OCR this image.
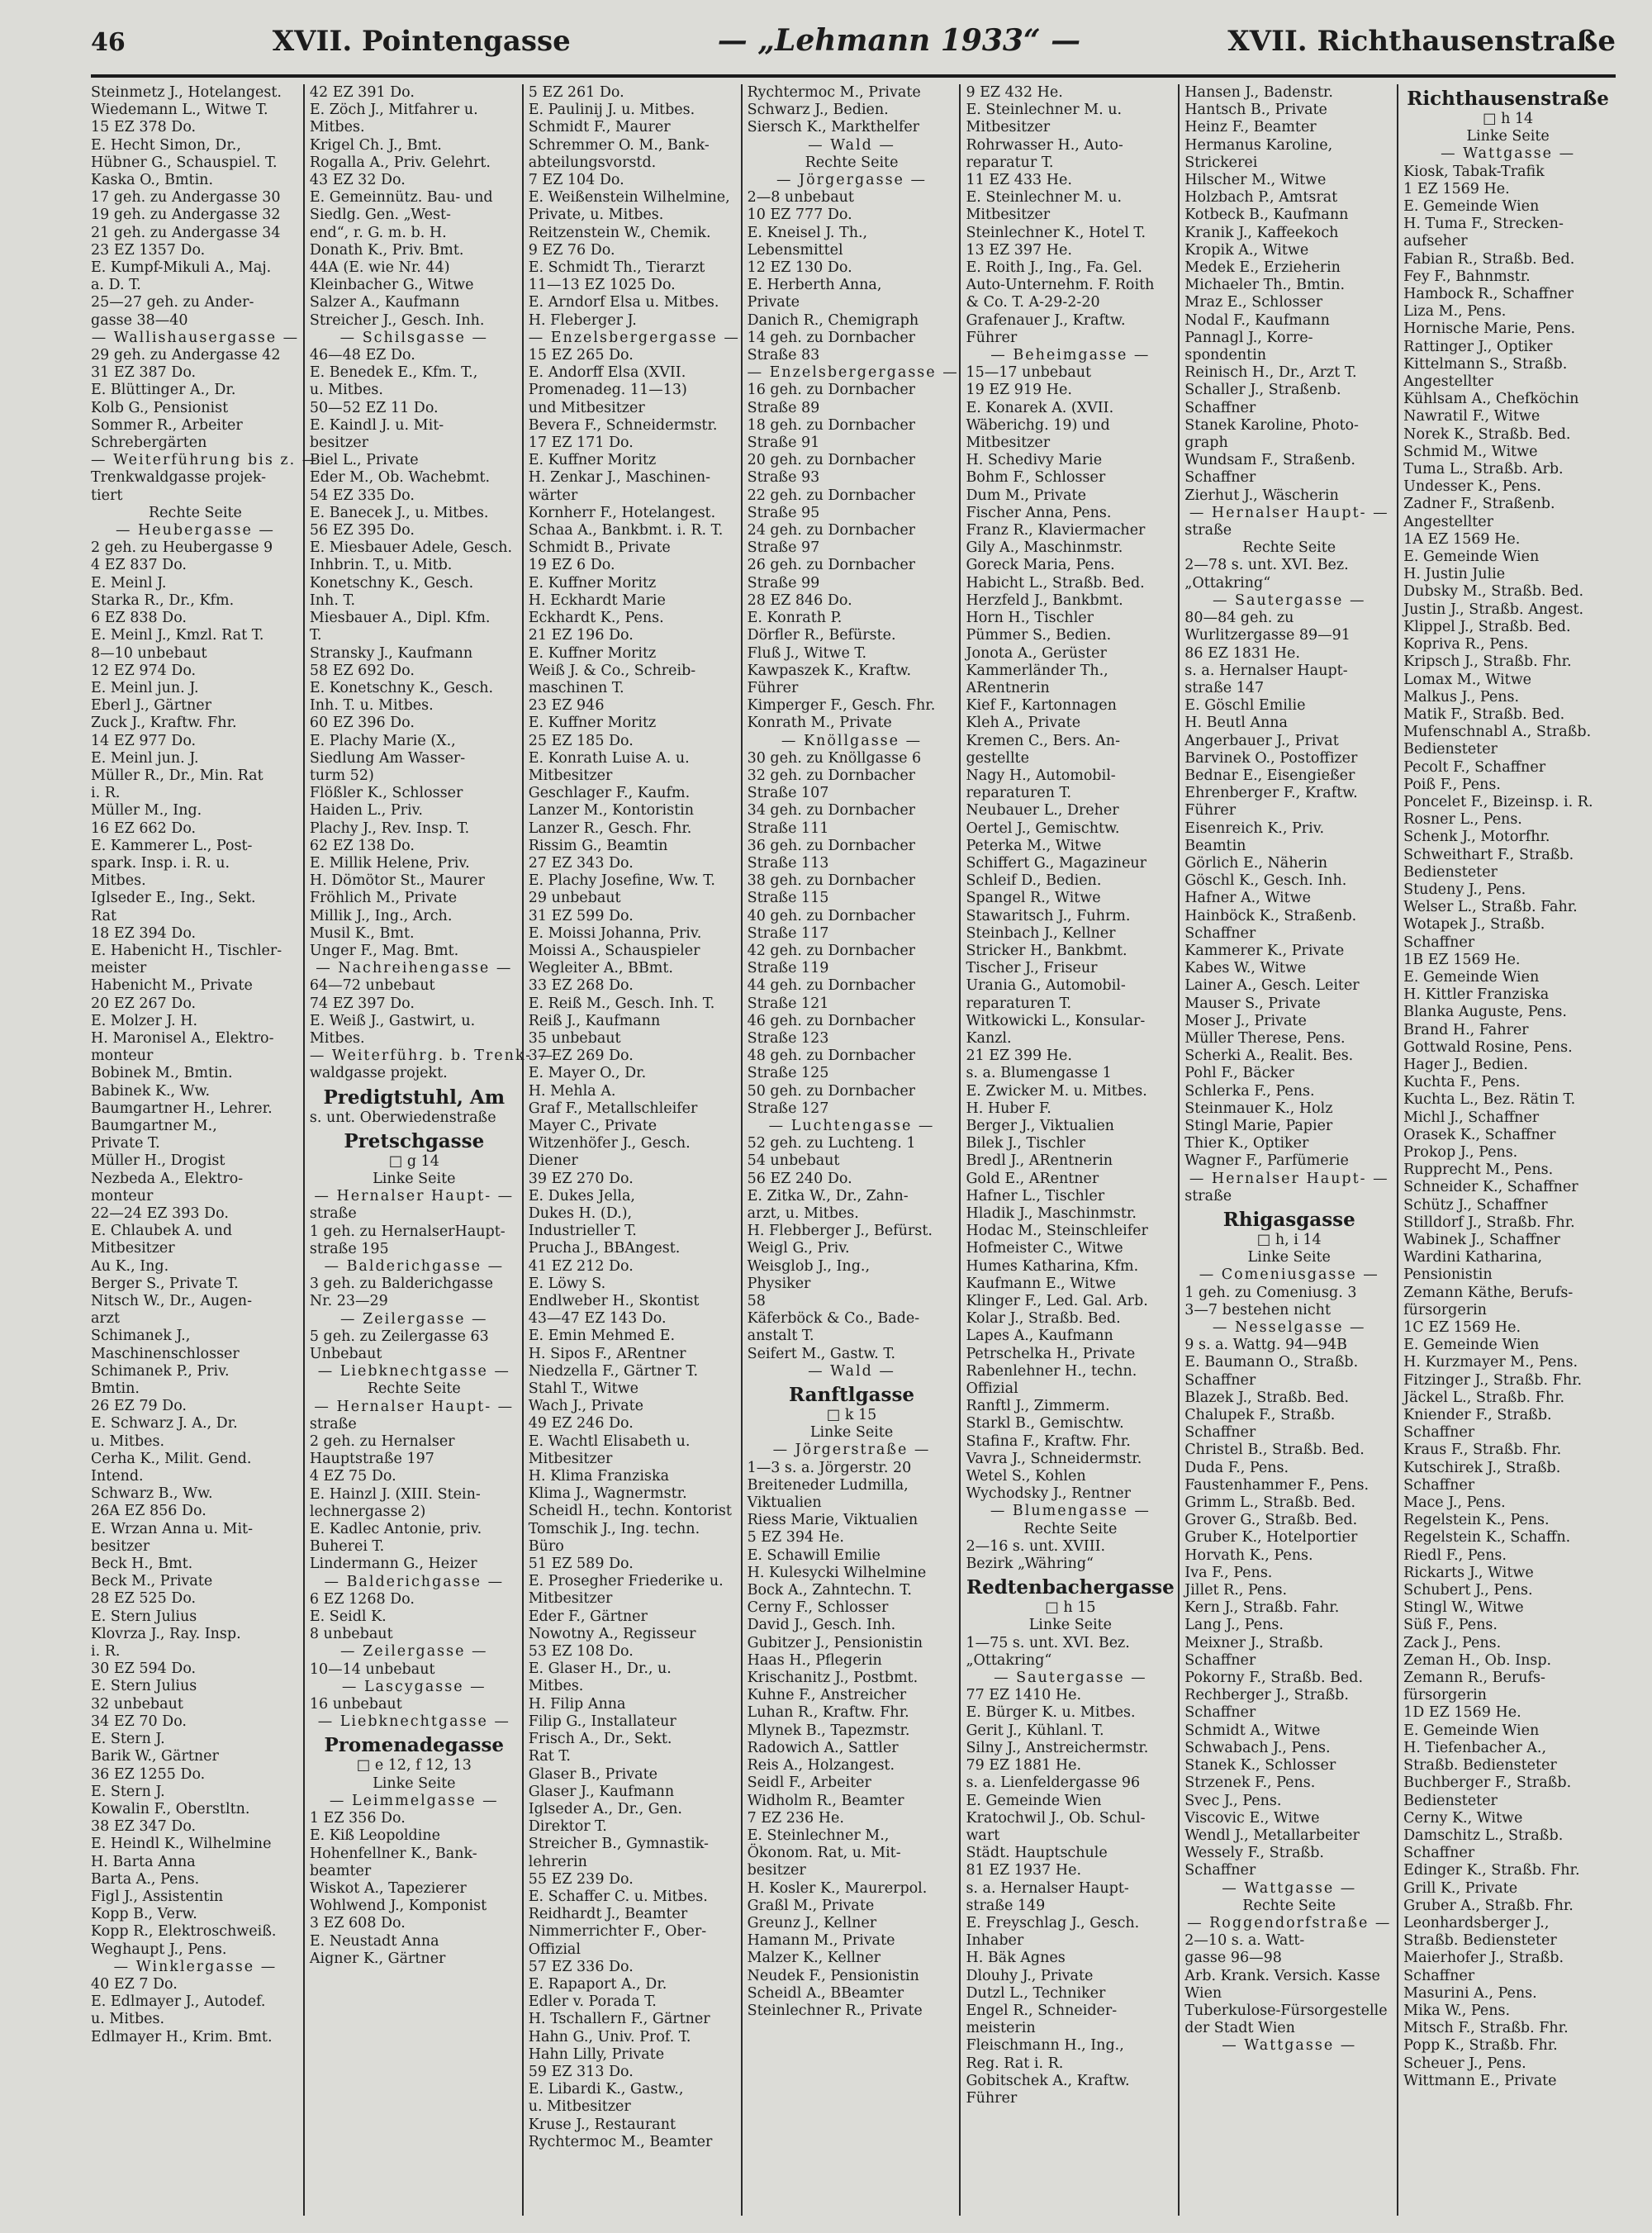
46	XVII. Pointengasse	— „Lehmann 1933“ —	XVII. Richthausenstraße
Steinmetz J., Hotelangest.
Wiedemann L., Witwe T.
15 EZ 378 Do.
E. Hecht Simon, Dr.,
Hübner G., Schauspiel. T.
Kaska O., Bmtin.
17 geh. zu Andergasse 30
19 geh. zu Andergasse 32
21 geh. zu Andergasse 34
23 EZ 1357 Do.
E. Kumpf-Mikuli A., Maj.
a. D. T.
25—27 geh. zu Ander-
gasse 38—40
— Wallishausergasse —
29 geh. zu Andergasse 42
31 EZ 387 Do.
E. Blüttinger A., Dr.
Kolb G., Pensionist
Sommer R., Arbeiter
Schrebergärten
— Weiterführung bis z. —
Trenkwaldgasse projek-
tiert
Rechte Seite
— Heubergasse —
2 geh. zu Heubergasse 9
4 EZ 837 Do.
E. Meinl J.
Starka R., Dr., Kfm.
6 EZ 838 Do.
E. Meinl J., Kmzl. Rat T.
8—10 unbebaut
12 EZ 974 Do.
E. Meinl jun. J.
Eberl J., Gärtner
Zuck J., Kraftw. Fhr.
14 EZ 977 Do.
E. Meinl jun. J.
Müller R., Dr., Min. Rat
i. R.
Müller M., Ing.
16 EZ 662 Do.
E. Kammerer L., Post-
spark. Insp. i. R. u.
Mitbes.
Iglseder E., Ing., Sekt.
Rat
18 EZ 394 Do.
E. Habenicht H., Tischler-
meister
Habenicht M., Private
20 EZ 267 Do.
E. Molzer J. H.
H. Maronisel A., Elektro-
monteur
Bobinek M., Bmtin.
Babinek K., Ww.
Baumgartner H., Lehrer.
Baumgartner M.,
Private T.
Müller H., Drogist
Nezbeda A., Elektro-
monteur
22—24 EZ 393 Do.
E. Chlaubek A. und
Mitbesitzer
Au K., Ing.
Berger S., Private T.
Nitsch W., Dr., Augen-
arzt
Schimanek J.,
Maschinenschlosser
Schimanek P., Priv.
Bmtin.
26 EZ 79 Do.
E. Schwarz J. A., Dr.
u. Mitbes.
Cerha K., Milit. Gend.
Intend.
Schwarz B., Ww.
26A EZ 856 Do.
E. Wrzan Anna u. Mit-
besitzer
Beck H., Bmt.
Beck M., Private
28 EZ 525 Do.
E. Stern Julius
Klovrza J., Ray. Insp.
i. R.
30 EZ 594 Do.
E. Stern Julius
32 unbebaut
34 EZ 70 Do.
E. Stern J.
Barik W., Gärtner
36 EZ 1255 Do.
E. Stern J.
Kowalin F., Oberstltn.
38 EZ 347 Do.
E. Heindl K., Wilhelmine
H. Barta Anna
Barta A., Pens.
Figl J., Assistentin
Kopp B., Verw.
Kopp R., Elektroschweiß.
Weghaupt J., Pens.
— Winklergasse —
40 EZ 7 Do.
E. Edlmayer J., Autodef.
u. Mitbes.
Edlmayer H., Krim. Bmt.
42 EZ 391 Do.
E. Zöch J., Mitfahrer u.
Mitbes.
Krigel Ch. J., Bmt.
Rogalla A., Priv. Gelehrt.
43 EZ 32 Do.
E. Gemeinnütz. Bau- und
Siedlg. Gen. „West-
end“, r. G. m. b. H.
Donath K., Priv. Bmt.
44A (E. wie Nr. 44)
Kleinbacher G., Witwe
Salzer A., Kaufmann
Streicher J., Gesch. Inh.
— Schilsgasse —
46—48 EZ Do.
E. Benedek E., Kfm. T.,
u. Mitbes.
50—52 EZ 11 Do.
E. Kaindl J. u. Mit-
besitzer
Biel L., Private
Eder M., Ob. Wachebmt.
54 EZ 335 Do.
E. Banecek J., u. Mitbes.
56 EZ 395 Do.
E. Miesbauer Adele, Gesch.
Inhbrin. T., u. Mitb.
Konetschny K., Gesch.
Inh. T.
Miesbauer A., Dipl. Kfm.
T.
Stransky J., Kaufmann
58 EZ 692 Do.
E. Konetschny K., Gesch.
Inh. T. u. Mitbes.
60 EZ 396 Do.
E. Plachy Marie (X.,
Siedlung Am Wasser-
turm 52)
Flößler K., Schlosser
Haiden L., Priv.
Plachy J., Rev. Insp. T.
62 EZ 138 Do.
E. Millik Helene, Priv.
H. Dömötor St., Maurer
Fröhlich M., Private
Millik J., Ing., Arch.
Musil K., Bmt.
Unger F., Mag. Bmt.
— Nachreihengasse —
64—72 unbebaut
74 EZ 397 Do.
E. Weiß J., Gastwirt, u.
Mitbes.
— Weiterführg. b. Trenk- —
waldgasse projekt.
Predigtstuhl, Am
s. unt. Oberwiedenstraße
Pretschgasse
□ g 14
Linke Seite
— Hernalser Haupt- —
straße
1 geh. zu HernalserHaupt-
straße 195
— Balderichgasse —
3 geh. zu Balderichgasse
Nr. 23—29
— Zeilergasse —
5 geh. zu Zeilergasse 63
Unbebaut
— Liebknechtgasse —
Rechte Seite
— Hernalser Haupt- —
straße
2 geh. zu Hernalser
Hauptstraße 197
4 EZ 75 Do.
E. Hainzl J. (XIII. Stein-
lechnergasse 2)
E. Kadlec Antonie, priv.
Buherei T.
Lindermann G., Heizer
— Balderichgasse —
6 EZ 1268 Do.
E. Seidl K.
8 unbebaut
— Zeilergasse —
10—14 unbebaut
— Lascygasse —
16 unbebaut
— Liebknechtgasse —
Promenadegasse
□ e 12, f 12, 13
Linke Seite
— Leimmelgasse —
1 EZ 356 Do.
E. Kiß Leopoldine
Hohenfellner K., Bank-
beamter
Wiskot A., Tapezierer
Wohlwend J., Komponist
3 EZ 608 Do.
E. Neustadt Anna
Aigner K., Gärtner
5 EZ 261 Do.
E. Paulinij J. u. Mitbes.
Schmidt F., Maurer
Schremmer O. M., Bank-
abteilungsvorstd.
7 EZ 104 Do.
E. Weißenstein Wilhelmine,
Private, u. Mitbes.
Reitzenstein W., Chemik.
9 EZ 76 Do.
E. Schmidt Th., Tierarzt
11—13 EZ 1025 Do.
E. Arndorf Elsa u. Mitbes.
H. Fleberger J.
— Enzelsbergergasse —
15 EZ 265 Do.
E. Andorff Elsa (XVII.
Promenadeg. 11—13)
und Mitbesitzer
Bevera F., Schneidermstr.
17 EZ 171 Do.
E. Kuffner Moritz
H. Zenkar J., Maschinen-
wärter
Kornherr F., Hotelangest.
Schaa A., Bankbmt. i. R. T.
Schmidt B., Private
19 EZ 6 Do.
E. Kuffner Moritz
H. Eckhardt Marie
Eckhardt K., Pens.
21 EZ 196 Do.
E. Kuffner Moritz
Weiß J. & Co., Schreib-
maschinen T.
23 EZ 946
E. Kuffner Moritz
25 EZ 185 Do.
E. Konrath Luise A. u.
Mitbesitzer
Geschlager F., Kaufm.
Lanzer M., Kontoristin
Lanzer R., Gesch. Fhr.
Rissim G., Beamtin
27 EZ 343 Do.
E. Plachy Josefine, Ww. T.
29 unbebaut
31 EZ 599 Do.
E. Moissi Johanna, Priv.
Moissi A., Schauspieler
Wegleiter A., BBmt.
33 EZ 268 Do.
E. Reiß M., Gesch. Inh. T.
Reiß J., Kaufmann
35 unbebaut
37 EZ 269 Do.
E. Mayer O., Dr.
H. Mehla A.
Graf F., Metallschleifer
Mayer C., Private
Witzenhöfer J., Gesch.
Diener
39 EZ 270 Do.
E. Dukes Jella,
Dukes H. (D.),
Industrieller T.
Prucha J., BBAngest.
41 EZ 212 Do.
E. Löwy S.
Endlweber H., Skontist
43—47 EZ 143 Do.
E. Emin Mehmed E.
H. Sipos F., ARentner
Niedzella F., Gärtner T.
Stahl T., Witwe
Wach J., Private
49 EZ 246 Do.
E. Wachtl Elisabeth u.
Mitbesitzer
H. Klima Franziska
Klima J., Wagnermstr.
Scheidl H., techn. Kontorist
Tomschik J., Ing. techn.
Büro
51 EZ 589 Do.
E. Prosegher Friederike u.
Mitbesitzer
Eder F., Gärtner
Nowotny A., Regisseur
53 EZ 108 Do.
E. Glaser H., Dr., u.
Mitbes.
H. Filip Anna
Filip G., Installateur
Frisch A., Dr., Sekt.
Rat T.
Glaser B., Private
Glaser J., Kaufmann
Iglseder A., Dr., Gen.
Direktor T.
Streicher B., Gymnastik-
lehrerin
55 EZ 239 Do.
E. Schaffer C. u. Mitbes.
Reidhardt J., Beamter
Nimmerrichter F., Ober-
Offizial
57 EZ 336 Do.
E. Rapaport A., Dr.
Edler v. Porada T.
H. Tschallern F., Gärtner
Hahn G., Univ. Prof. T.
Hahn Lilly, Private
59 EZ 313 Do.
E. Libardi K., Gastw.,
u. Mitbesitzer
Kruse J., Restaurant
Rychtermoc M., Beamter
Rychtermoc M., Private
Schwarz J., Bedien.
Siersch K., Markthelfer
— Wald —
Rechte Seite
— Jörgergasse —
2—8 unbebaut
10 EZ 777 Do.
E. Kneisel J. Th.,
Lebensmittel
12 EZ 130 Do.
E. Herberth Anna,
Private
Danich R., Chemigraph
14 geh. zu Dornbacher
Straße 83
— Enzelsbergergasse —
16 geh. zu Dornbacher
Straße 89
18 geh. zu Dornbacher
Straße 91
20 geh. zu Dornbacher
Straße 93
22 geh. zu Dornbacher
Straße 95
24 geh. zu Dornbacher
Straße 97
26 geh. zu Dornbacher
Straße 99
28 EZ 846 Do.
E. Konrath P.
Dörfler R., Befürste.
Fluß J., Witwe T.
Kawpaszek K., Kraftw.
Führer
Kimperger F., Gesch. Fhr.
Konrath M., Private
— Knöllgasse —
30 geh. zu Knöllgasse 6
32 geh. zu Dornbacher
Straße 107
34 geh. zu Dornbacher
Straße 111
36 geh. zu Dornbacher
Straße 113
38 geh. zu Dornbacher
Straße 115
40 geh. zu Dornbacher
Straße 117
42 geh. zu Dornbacher
Straße 119
44 geh. zu Dornbacher
Straße 121
46 geh. zu Dornbacher
Straße 123
48 geh. zu Dornbacher
Straße 125
50 geh. zu Dornbacher
Straße 127
— Luchtengasse —
52 geh. zu Luchteng. 1
54 unbebaut
56 EZ 240 Do.
E. Zitka W., Dr., Zahn-
arzt, u. Mitbes.
H. Flebberger J., Befürst.
Weigl G., Priv.
Weisglob J., Ing.,
Physiker
58
Käferböck & Co., Bade-
anstalt T.
Seifert M., Gastw. T.
— Wald —
Ranftlgasse
□ k 15
Linke Seite
— Jörgerstraße —
1—3 s. a. Jörgerstr. 20
Breiteneder Ludmilla,
Viktualien
Riess Marie, Viktualien
5 EZ 394 He.
E. Schawill Emilie
H. Kulesycki Wilhelmine
Bock A., Zahntechn. T.
Cerny F., Schlosser
David J., Gesch. Inh.
Gubitzer J., Pensionistin
Haas H., Pflegerin
Krischanitz J., Postbmt.
Kuhne F., Anstreicher
Luhan R., Kraftw. Fhr.
Mlynek B., Tapezmstr.
Radowich A., Sattler
Reis A., Holzangest.
Seidl F., Arbeiter
Widholm R., Beamter
7 EZ 236 He.
E. Steinlechner M.,
Ökonom. Rat, u. Mit-
besitzer
H. Kosler K., Maurerpol.
Graßl M., Private
Greunz J., Kellner
Hamann M., Private
Malzer K., Kellner
Neudek F., Pensionistin
Scheidl A., BBeamter
Steinlechner R., Private
9 EZ 432 He.
E. Steinlechner M. u.
Mitbesitzer
Rohrwasser H., Auto-
reparatur T.
11 EZ 433 He.
E. Steinlechner M. u.
Mitbesitzer
Steinlechner K., Hotel T.
13 EZ 397 He.
E. Roith J., Ing., Fa. Gel.
Auto-Unternehm. F. Roith
& Co. T. A-29-2-20
Grafenauer J., Kraftw.
Führer
— Beheimgasse —
15—17 unbebaut
19 EZ 919 He.
E. Konarek A. (XVII.
Wäberichg. 19) und
Mitbesitzer
H. Schedivy Marie
Bohm F., Schlosser
Dum M., Private
Fischer Anna, Pens.
Franz R., Klaviermacher
Gily A., Maschinmstr.
Goreck Maria, Pens.
Habicht L., Straßb. Bed.
Herzfeld J., Bankbmt.
Horn H., Tischler
Pümmer S., Bedien.
Jonota A., Gerüster
Kammerländer Th.,
ARentnerin
Kief F., Kartonnagen
Kleh A., Private
Kremen C., Bers. An-
gestellte
Nagy H., Automobil-
reparaturen T.
Neubauer L., Dreher
Oertel J., Gemischtw.
Peterka M., Witwe
Schiffert G., Magazineur
Schleif D., Bedien.
Spangel R., Witwe
Stawaritsch J., Fuhrm.
Steinbach J., Kellner
Stricker H., Bankbmt.
Tischer J., Friseur
Urania G., Automobil-
reparaturen T.
Witkowicki L., Konsular-
Kanzl.
21 EZ 399 He.
s. a. Blumengasse 1
E. Zwicker M. u. Mitbes.
H. Huber F.
Berger J., Viktualien
Bilek J., Tischler
Bredl J., ARentnerin
Gold E., ARentner
Hafner L., Tischler
Hladik J., Maschinmstr.
Hodac M., Steinschleifer
Hofmeister C., Witwe
Humes Katharina, Kfm.
Kaufmann E., Witwe
Klinger F., Led. Gal. Arb.
Kolar J., Straßb. Bed.
Lapes A., Kaufmann
Petrschelka H., Private
Rabenlehner H., techn.
Offizial
Ranftl J., Zimmerm.
Starkl B., Gemischtw.
Stafina F., Kraftw. Fhr.
Vavra J., Schneidermstr.
Wetel S., Kohlen
Wychodsky J., Rentner
— Blumengasse —
Rechte Seite
2—16 s. unt. XVIII.
Bezirk „Währing“
Redtenbachergasse
□ h 15
Linke Seite
1—75 s. unt. XVI. Bez.
„Ottakring“
— Sautergasse —
77 EZ 1410 He.
E. Bürger K. u. Mitbes.
Gerit J., Kühlanl. T.
Silny J., Anstreichermstr.
79 EZ 1881 He.
s. a. Lienfeldergasse 96
E. Gemeinde Wien
Kratochwil J., Ob. Schul-
wart
Städt. Hauptschule
81 EZ 1937 He.
s. a. Hernalser Haupt-
straße 149
E. Freyschlag J., Gesch.
Inhaber
H. Bäk Agnes
Dlouhy J., Private
Dutzl L., Techniker
Engel R., Schneider-
meisterin
Fleischmann H., Ing.,
Reg. Rat i. R.
Gobitschek A., Kraftw.
Führer
Hansen J., Badenstr.
Hantsch B., Private
Heinz F., Beamter
Hermanus Karoline,
Strickerei
Hilscher M., Witwe
Holzbach P., Amtsrat
Kotbeck B., Kaufmann
Kranik J., Kaffeekoch
Kropik A., Witwe
Medek E., Erzieherin
Michaeler Th., Bmtin.
Mraz E., Schlosser
Nodal F., Kaufmann
Pannagl J., Korre-
spondentin
Reinisch H., Dr., Arzt T.
Schaller J., Straßenb.
Schaffner
Stanek Karoline, Photo-
graph
Wundsam F., Straßenb.
Schaffner
Zierhut J., Wäscherin
— Hernalser Haupt- —
straße
Rechte Seite
2—78 s. unt. XVI. Bez.
„Ottakring“
— Sautergasse —
80—84 geh. zu
Wurlitzergasse 89—91
86 EZ 1831 He.
s. a. Hernalser Haupt-
straße 147
E. Göschl Emilie
H. Beutl Anna
Angerbauer J., Privat
Barvinek O., Postoffizer
Bednar E., Eisengießer
Ehrenberger F., Kraftw.
Führer
Eisenreich K., Priv.
Beamtin
Görlich E., Näherin
Göschl K., Gesch. Inh.
Hafner A., Witwe
Hainböck K., Straßenb.
Schaffner
Kammerer K., Private
Kabes W., Witwe
Lainer A., Gesch. Leiter
Mauser S., Private
Moser J., Private
Müller Therese, Pens.
Scherki A., Realit. Bes.
Pohl F., Bäcker
Schlerka F., Pens.
Steinmauer K., Holz
Stingl Marie, Papier
Thier K., Optiker
Wagner F., Parfümerie
— Hernalser Haupt- —
straße
Rhigasgasse
□ h, i 14
Linke Seite
— Comeniusgasse —
1 geh. zu Comeniusg. 3
3—7 bestehen nicht
— Nesselgasse —
9 s. a. Wattg. 94—94B
E. Baumann O., Straßb.
Schaffner
Blazek J., Straßb. Bed.
Chalupek F., Straßb.
Schaffner
Christel B., Straßb. Bed.
Duda F., Pens.
Faustenhammer F., Pens.
Grimm L., Straßb. Bed.
Grover G., Straßb. Bed.
Gruber K., Hotelportier
Horvath K., Pens.
Iva F., Pens.
Jillet R., Pens.
Kern J., Straßb. Fahr.
Lang J., Pens.
Meixner J., Straßb.
Schaffner
Pokorny F., Straßb. Bed.
Rechberger J., Straßb.
Schaffner
Schmidt A., Witwe
Schwabach J., Pens.
Stanek K., Schlosser
Strzenek F., Pens.
Svec J., Pens.
Viscovic E., Witwe
Wendl J., Metallarbeiter
Wessely F., Straßb.
Schaffner
— Wattgasse —
Rechte Seite
— Roggendorfstraße —
2—10 s. a. Watt-
gasse 96—98
Arb. Krank. Versich. Kasse
Wien
Tuberkulose-Fürsorgestelle
der Stadt Wien
— Wattgasse —
Richthausenstraße
□ h 14
Linke Seite
— Wattgasse —
Kiosk, Tabak-Trafik
1 EZ 1569 He.
E. Gemeinde Wien
H. Tuma F., Strecken-
aufseher
Fabian R., Straßb. Bed.
Fey F., Bahnmstr.
Hambock R., Schaffner
Liza M., Pens.
Hornische Marie, Pens.
Rattinger J., Optiker
Kittelmann S., Straßb.
Angestellter
Kühlsam A., Chefköchin
Nawratil F., Witwe
Norek K., Straßb. Bed.
Schmid M., Witwe
Tuma L., Straßb. Arb.
Undesser K., Pens.
Zadner F., Straßenb.
Angestellter
1A EZ 1569 He.
E. Gemeinde Wien
H. Justin Julie
Dubsky M., Straßb. Bed.
Justin J., Straßb. Angest.
Klippel J., Straßb. Bed.
Kopriva R., Pens.
Kripsch J., Straßb. Fhr.
Lomax M., Witwe
Malkus J., Pens.
Matik F., Straßb. Bed.
Mufenschnabl A., Straßb.
Bediensteter
Pecolt F., Schaffner
Poiß F., Pens.
Poncelet F., Bizeinsp. i. R.
Rosner L., Pens.
Schenk J., Motorfhr.
Schweithart F., Straßb.
Bediensteter
Studeny J., Pens.
Welser L., Straßb. Fahr.
Wotapek J., Straßb.
Schaffner
1B EZ 1569 He.
E. Gemeinde Wien
H. Kittler Franziska
Blanka Auguste, Pens.
Brand H., Fahrer
Gottwald Rosine, Pens.
Hager J., Bedien.
Kuchta F., Pens.
Kuchta L., Bez. Rätin T.
Michl J., Schaffner
Orasek K., Schaffner
Prokop J., Pens.
Rupprecht M., Pens.
Schneider K., Schaffner
Schütz J., Schaffner
Stilldorf J., Straßb. Fhr.
Wabinek J., Schaffner
Wardini Katharina,
Pensionistin
Zemann Käthe, Berufs-
fürsorgerin
1C EZ 1569 He.
E. Gemeinde Wien
H. Kurzmayer M., Pens.
Fitzinger J., Straßb. Fhr.
Jäckel L., Straßb. Fhr.
Kniender F., Straßb.
Schaffner
Kraus F., Straßb. Fhr.
Kutschirek J., Straßb.
Schaffner
Mace J., Pens.
Regelstein K., Pens.
Regelstein K., Schaffn.
Riedl F., Pens.
Rickarts J., Witwe
Schubert J., Pens.
Stingl W., Witwe
Süß F., Pens.
Zack J., Pens.
Zeman H., Ob. Insp.
Zemann R., Berufs-
fürsorgerin
1D EZ 1569 He.
E. Gemeinde Wien
H. Tiefenbacher A.,
Straßb. Bediensteter
Buchberger F., Straßb.
Bediensteter
Cerny K., Witwe
Damschitz L., Straßb.
Schaffner
Edinger K., Straßb. Fhr.
Grill K., Private
Gruber A., Straßb. Fhr.
Leonhardsberger J.,
Straßb. Bediensteter
Maierhofer J., Straßb.
Schaffner
Masurini A., Pens.
Mika W., Pens.
Mitsch F., Straßb. Fhr.
Popp K., Straßb. Fhr.
Scheuer J., Pens.
Wittmann E., Private
